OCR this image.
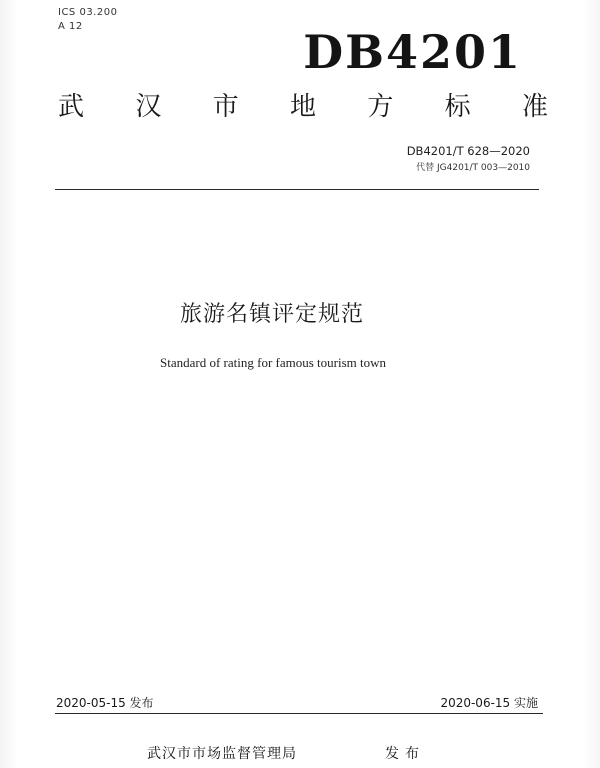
ICS 03.200
A 12	DB4201
武 汉 市 地 方 标 准
DB4201/T 628—2020
代替 JG4201/T 003—2010
旅游名镇评定规范
Standard of rating for famous tourism town
2020-05-15 发布	2020-06-15 实施
武汉市市场监督管理局	发布
